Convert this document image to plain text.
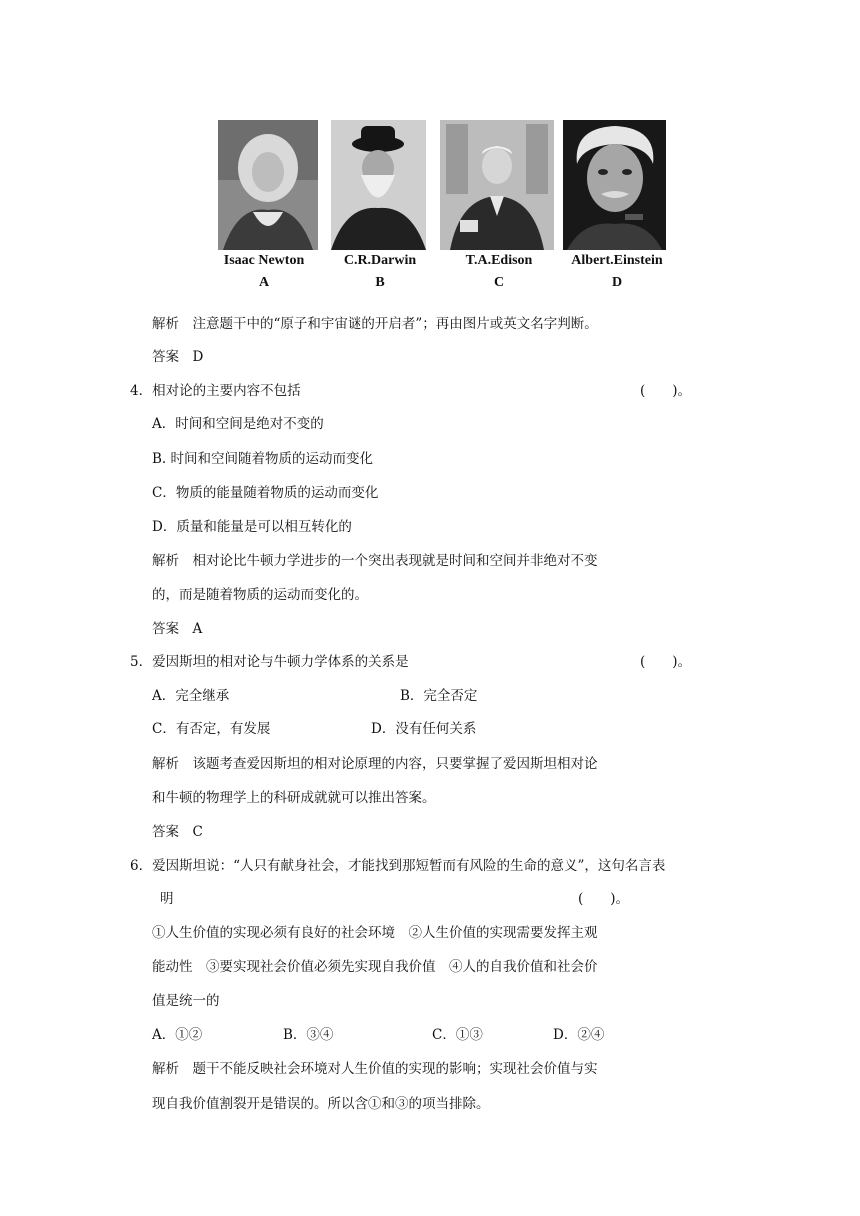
Isaac Newton
A
C.R.Darwin
B
T.A.Edison
C
Albert.Einstein
D
解析　注意题干中的“原子和宇宙谜的开启者”；再由图片或英文名字判断。
答案　D
4．相对论的主要内容不包括	(　　)。
A．时间和空间是绝对不变的
B. 时间和空间随着物质的运动而变化
C．物质的能量随着物质的运动而变化
D．质量和能量是可以相互转化的
解析　相对论比牛顿力学进步的一个突出表现就是时间和空间并非绝对不变
的，而是随着物质的运动而变化的。
答案　A
5．爱因斯坦的相对论与牛顿力学体系的关系是	(　　)。
A．完全继承	B．完全否定
C．有否定，有发展	D．没有任何关系
解析　该题考查爱因斯坦的相对论原理的内容，只要掌握了爱因斯坦相对论
和牛顿的物理学上的科研成就就可以推出答案。
答案　C
6．爱因斯坦说：“人只有献身社会，才能找到那短暂而有风险的生命的意义”，这句名言表
明	(　　)。
①人生价值的实现必须有良好的社会环境　②人生价值的实现需要发挥主观
能动性　③要实现社会价值必须先实现自我价值　④人的自我价值和社会价
值是统一的
A．①②	B．③④	C．①③	D．②④
解析　题干不能反映社会环境对人生价值的实现的影响；实现社会价值与实
现自我价值割裂开是错误的。所以含①和③的项当排除。
